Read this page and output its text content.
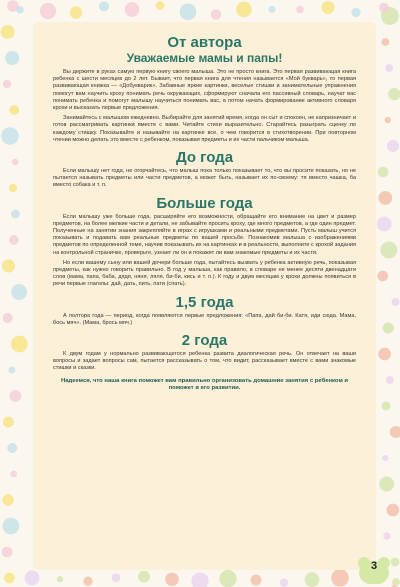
От автора
Уважаемые мамы и папы!

Вы держите в руках самую первую книгу своего малыша. Это не просто книга. Это первая развивающая книга ребенка с шести месяцев до 2 лет. Бывает, что первая книга для чтения называется «Мой букварь», то первая развивающая книжка — «Добукварик». Забавные яркие картинки, веселые стишки и занимательные упражнения помогут вам научить кроху понимать речь окружающих, сформируют сначала его пассивный словарь, научат вас понимать ребенка и помогут малышу научиться понимать вас, а потом начать формирование активного словаря крохи и высказать первые предложения.

Занимайтесь с малышом ежедневно. Выбирайте для занятий время, когда он сыт и спокоен, не капризничает и готов рассматривать картинки вместе с вами. Читайте стихи выразительно. Старайтесь разыграть сценку по каждому стишку. Показывайте и называйте на картинке все, о чем говорится в стихотворении. При повторном чтении можно делать это вместе с ребенком, показывая предметы и их части пальчиком малыша.

До года

Если малышу нет года, не огорчайтесь, что малыш пока только показывает то, что вы просите показать, но не пытается называть предметы или части предметов, а может быть, называет их по-своему: тя вместо чашка, ба вместо собака и т. п.

Больше года

Если малышу уже больше года, расширяйте его возможности, обращайте его внимание на цвет и размер предметов, на более мелкие части и детали, не забывайте просить кроху, где много предметов, а где один предмет. Полученные на занятии знания закрепляйте в играх с игрушками и реальными предметами. Пусть малыш учится показывать и подавать вам реальные предметы по вашей просьбе. Познакомив малыша с изображениями предметов по определенной теме, научив показывать их на картинках и в реальности, выполните с крохой задания на контрольной страничке, проверьте, узнает ли он и покажет ли вам знакомые предметы и их части.

Но если вашему сыну или вашей дочери больше года, пытайтесь вызвать у ребенка активную речь, показывая предметы, как нужно говорить правильно. В год у малыша, как правило, в словаре не менее десяти двенадцати слов (мама, папа, баба, дядя, няня, ляля, би-би, кись и т. п.). К году и двум месяцам у крохи должны появиться в речи первые глаголы: дай, дать, пить, пати (спать).

1,5 года

А полтора года — период, когда появляются первые предложения: «Папа, дай би-би. Катя, иди сюда. Мама, бось мяч». (Мама, брось мяч.)

2 года

К двум годам у нормально развивающегося ребенка развита диалогическая речь. Он отвечает на ваши вопросы и задает вопросы сам, пытается рассказывать о том, что видит, рассказывает вместе с вами знакомые стишки и сказки.

Надеемся, что наша книга поможет вам правильно организовать домашние занятия с ребенком и поможет в его развитии.

3
